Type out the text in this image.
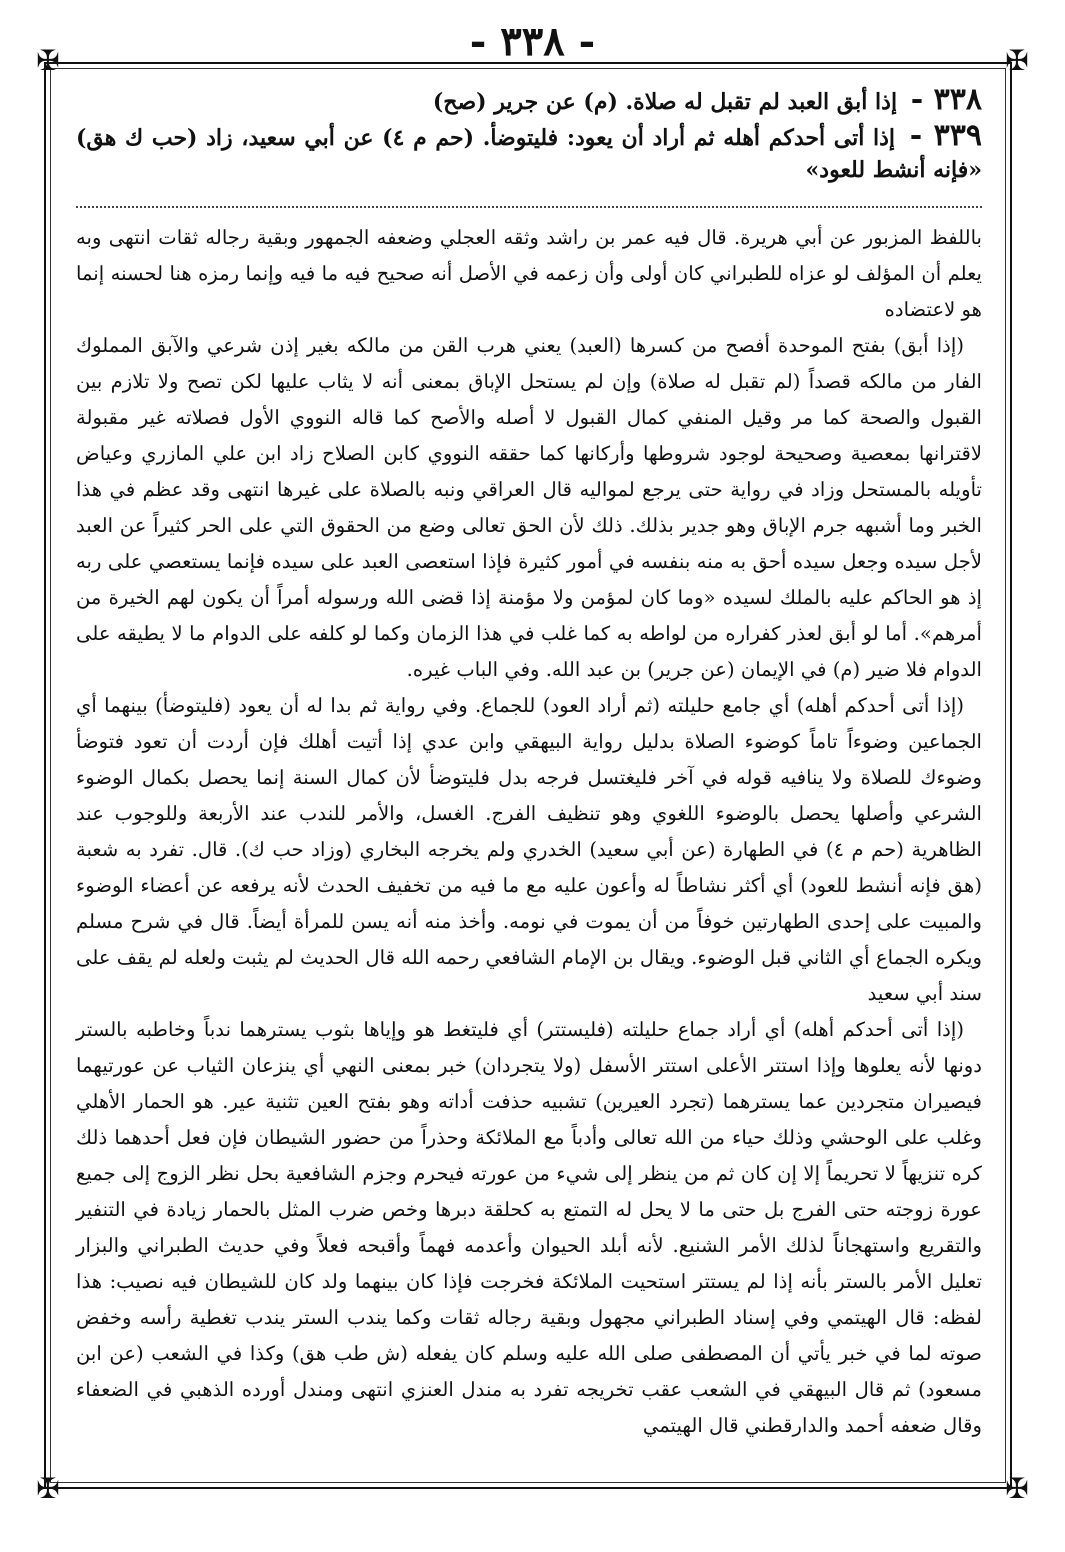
- ٣٣٨ -
✠	✠
✠	✠

٣٣٨ - إذا أبق العبد لم تقبل له صلاة. (م) عن جرير (صح)

٣٣٩ - إذا أتى أحدكم أهله ثم أراد أن يعود: فليتوضأ. (حم م ٤) عن أبي سعيد، زاد (حب ك هق) «فإنه أنشط للعود»

باللفظ المزبور عن أبي هريرة. قال فيه عمر بن راشد وثقه العجلي وضعفه الجمهور وبقية رجاله ثقات انتهى وبه يعلم أن المؤلف لو عزاه للطبراني كان أولى وأن زعمه في الأصل أنه صحيح فيه ما فيه وإنما رمزه هنا لحسنه إنما هو لاعتضاده

(إذا أبق) بفتح الموحدة أفصح من كسرها (العبد) يعني هرب القن من مالكه بغير إذن شرعي والآبق المملوك الفار من مالكه قصداً (لم تقبل له صلاة) وإن لم يستحل الإباق بمعنى أنه لا يثاب عليها لكن تصح ولا تلازم بين القبول والصحة كما مر وقيل المنفي كمال القبول لا أصله والأصح كما قاله النووي الأول فصلاته غير مقبولة لاقترانها بمعصية وصحيحة لوجود شروطها وأركانها كما حققه النووي كابن الصلاح زاد ابن علي المازري وعياض تأويله بالمستحل وزاد في رواية حتى يرجع لمواليه قال العراقي ونبه بالصلاة على غيرها انتهى وقد عظم في هذا الخبر وما أشبهه جرم الإباق وهو جدير بذلك. ذلك لأن الحق تعالى وضع من الحقوق التي على الحر كثيراً عن العبد لأجل سيده وجعل سيده أحق به منه بنفسه في أمور كثيرة فإذا استعصى العبد على سيده فإنما يستعصي على ربه إذ هو الحاكم عليه بالملك لسيده «وما كان لمؤمن ولا مؤمنة إذا قضى الله ورسوله أمراً أن يكون لهم الخيرة من أمرهم». أما لو أبق لعذر كفراره من لواطه به كما غلب في هذا الزمان وكما لو كلفه على الدوام ما لا يطيقه على الدوام فلا ضير (م) في الإيمان (عن جرير) بن عبد الله. وفي الباب غيره.

(إذا أتى أحدكم أهله) أي جامع حليلته (ثم أراد العود) للجماع. وفي رواية ثم بدا له أن يعود (فليتوضأ) بينهما أي الجماعين وضوءاً تاماً كوضوء الصلاة بدليل رواية البيهقي وابن عدي إذا أتيت أهلك فإن أردت أن تعود فتوضأ وضوءك للصلاة ولا ينافيه قوله في آخر فليغتسل فرجه بدل فليتوضأ لأن كمال السنة إنما يحصل بكمال الوضوء الشرعي وأصلها يحصل بالوضوء اللغوي وهو تنظيف الفرج. الغسل، والأمر للندب عند الأربعة وللوجوب عند الظاهرية (حم م ٤) في الطهارة (عن أبي سعيد) الخدري ولم يخرجه البخاري (وزاد حب ك). قال. تفرد به شعبة (هق فإنه أنشط للعود) أي أكثر نشاطاً له وأعون عليه مع ما فيه من تخفيف الحدث لأنه يرفعه عن أعضاء الوضوء والمبيت على إحدى الطهارتين خوفاً من أن يموت في نومه. وأخذ منه أنه يسن للمرأة أيضاً. قال في شرح مسلم ويكره الجماع أي الثاني قبل الوضوء. ويقال بن الإمام الشافعي رحمه الله قال الحديث لم يثبت ولعله لم يقف على سند أبي سعيد

(إذا أتى أحدكم أهله) أي أراد جماع حليلته (فليستتر) أي فليتغط هو وإياها بثوب يسترهما ندباً وخاطبه بالستر دونها لأنه يعلوها وإذا استتر الأعلى استتر الأسفل (ولا يتجردان) خبر بمعنى النهي أي ينزعان الثياب عن عورتيهما فيصيران متجردين عما يسترهما (تجرد العيرين) تشبيه حذفت أداته وهو بفتح العين تثنية عير. هو الحمار الأهلي وغلب على الوحشي وذلك حياء من الله تعالى وأدباً مع الملائكة وحذراً من حضور الشيطان فإن فعل أحدهما ذلك كره تنزيهاً لا تحريماً إلا إن كان ثم من ينظر إلى شيء من عورته فيحرم وجزم الشافعية بحل نظر الزوج إلى جميع عورة زوجته حتى الفرج بل حتى ما لا يحل له التمتع به كحلقة دبرها وخص ضرب المثل بالحمار زيادة في التنفير والتقريع واستهجاناً لذلك الأمر الشنيع. لأنه أبلد الحيوان وأعدمه فهماً وأقبحه فعلاً وفي حديث الطبراني والبزار تعليل الأمر بالستر بأنه إذا لم يستتر استحيت الملائكة فخرجت فإذا كان بينهما ولد كان للشيطان فيه نصيب: هذا لفظه: قال الهيتمي وفي إسناد الطبراني مجهول وبقية رجاله ثقات وكما يندب الستر يندب تغطية رأسه وخفض صوته لما في خبر يأتي أن المصطفى صلى الله عليه وسلم كان يفعله (ش طب هق) وكذا في الشعب (عن ابن مسعود) ثم قال البيهقي في الشعب عقب تخريجه تفرد به مندل العنزي انتهى ومندل أورده الذهبي في الضعفاء وقال ضعفه أحمد والدارقطني قال الهيتمي
